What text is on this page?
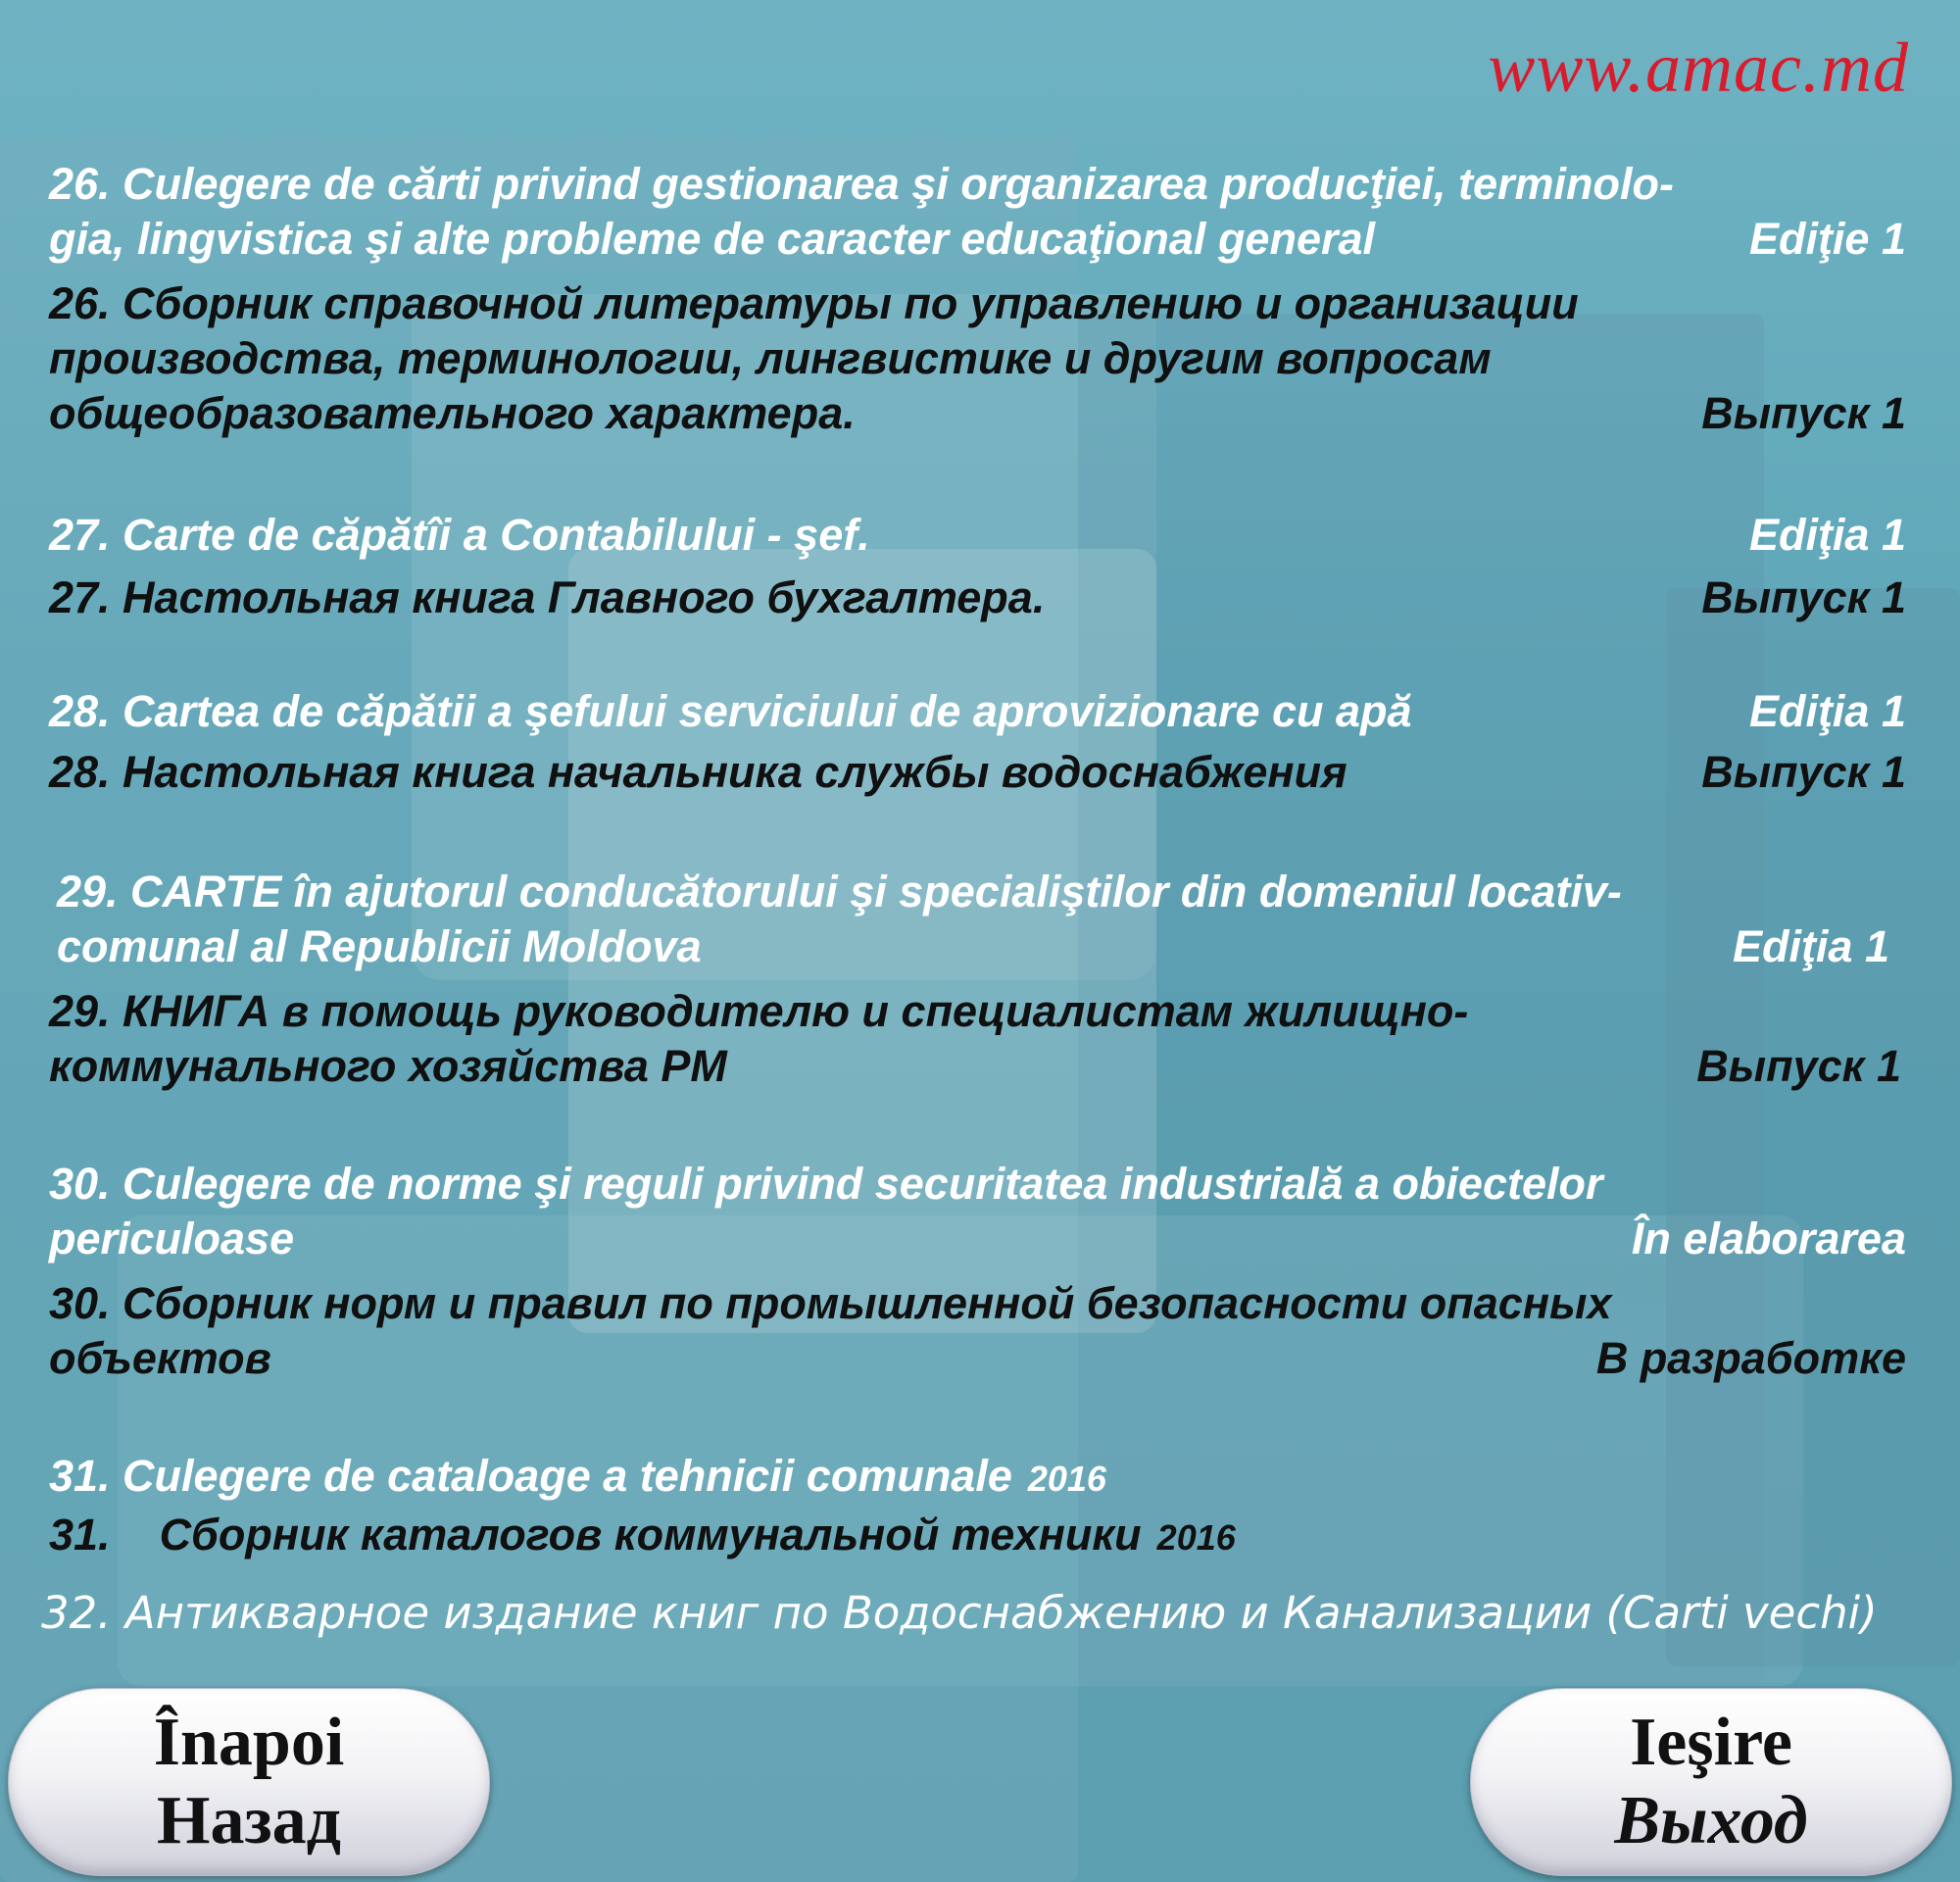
www.amac.md
26. Culegere de cărti privind gestionarea şi organizarea producţiei, terminolo-
gia, lingvistica şi alte probleme de caracter educaţional general	Ediţie 1
26. Сборник справочной литературы по управлению и организации
производства, терминологии, лингвистике и другим вопросам
общеобразовательного характера.	Выпуск 1
27. Carte de căpătîi a Contabilului - şef.	Ediţia 1
27. Настольная книга Главного бухгалтера.	Выпуск 1
28. Cartea de căpătii a şefului serviciului de aprovizionare cu apă	Ediţia 1
28. Настольная книга начальника службы водоснабжения	Выпуск 1
29. CARTE în ajutorul conducătorului şi specialiştilor din domeniul locativ-
comunal al Republicii Moldova	Ediţia 1
29. КНИГА в помощь руководителю и специалистам жилищно-
коммунального хозяйства РМ	Выпуск 1
30. Culegere de norme şi reguli privind securitatea industrială a obiectelor
periculoase	În elaborarea
30. Сборник норм и правил по промышленной безопасности опасных
объектов	В разработке
31. Culegere de cataloage a tehnicii comunale 2016
31. Сборник каталогов коммунальной техники 2016
32. Антикварное издание книг по Водоснабжению и Канализации (Carti vechi)
Înapoi
Назад
Ieşire
Выход
